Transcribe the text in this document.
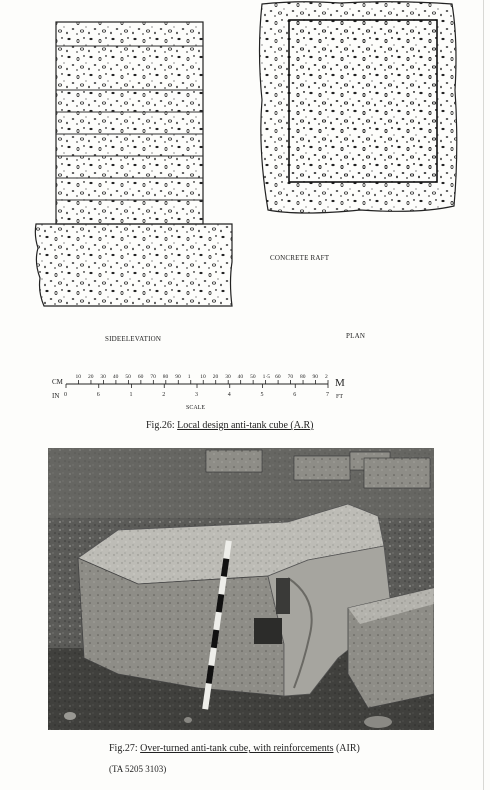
CONCRETE RAFT
SIDEELEVATION	PLAN
10 20 30 40 50 60 70 80 90 1 10 20 30 40 50 1·5 60 70 80 90 2
0	6	1	2	3	4	5	6	7
CM
IN
M
FT
SCALE
Fig.26: Local design anti-tank cube (A.R)
Fig.27: Over-turned anti-tank cube, with reinforcements (AIR)
(TA 5205 3103)
